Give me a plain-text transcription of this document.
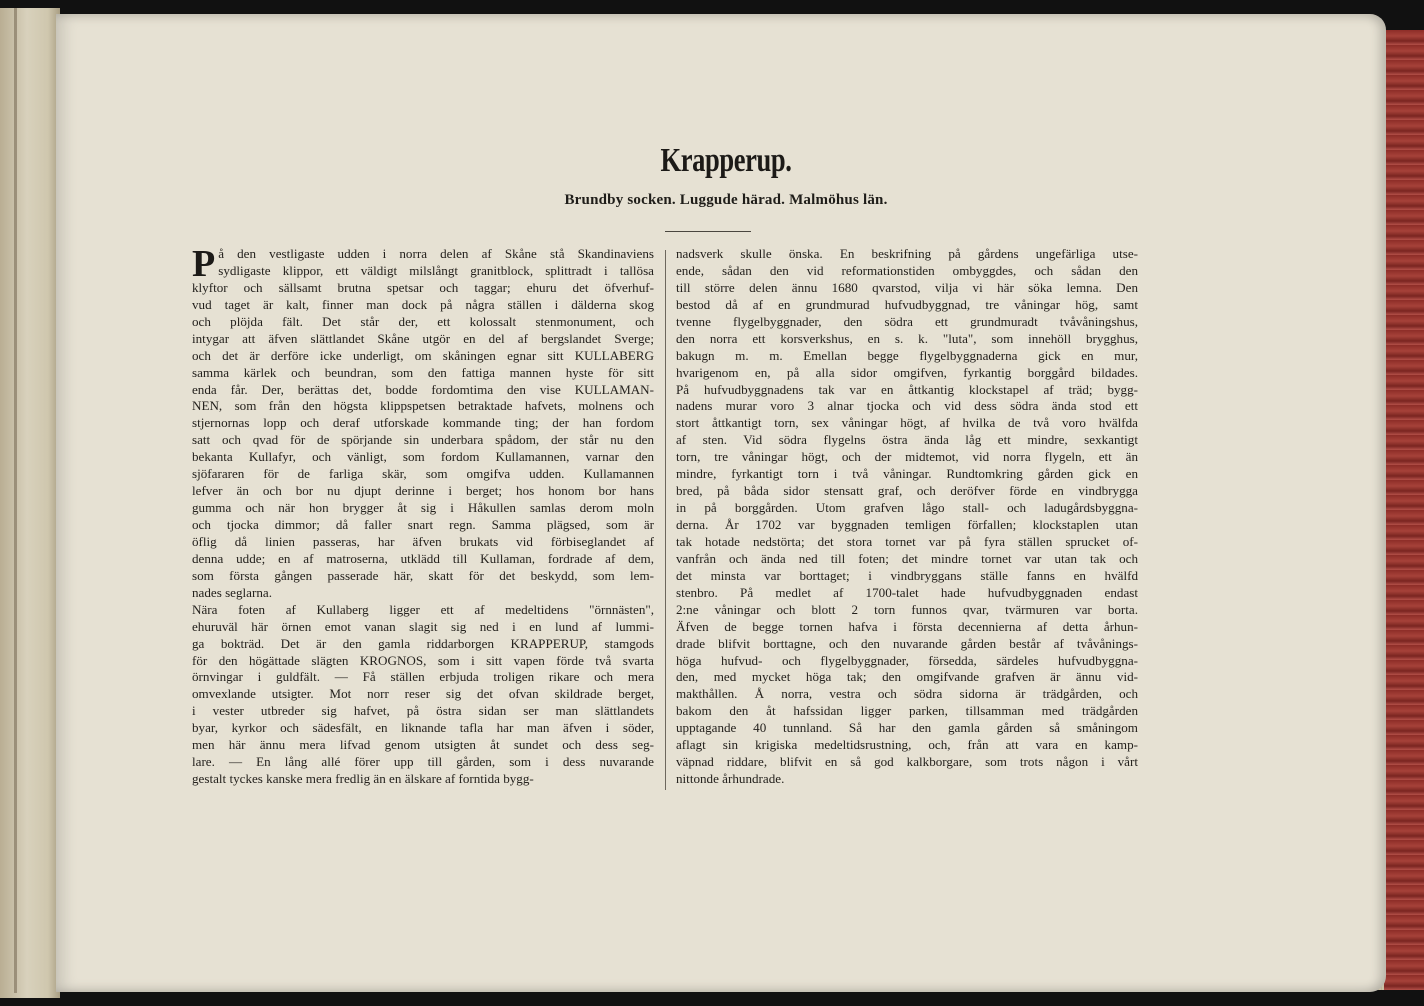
Krapperup.
Brundby socken. Luggude härad. Malmöhus län.
P å den vestligaste udden i norra delen af Skåne stå Skandinaviens
sydligaste klippor, ett väldigt milslångt granitblock, splittradt i tallösa
klyftor och sällsamt brutna spetsar och taggar; ehuru det öfverhuf-
vud taget är kalt, finner man dock på några ställen i dälderna skog
och plöjda fält. Det står der, ett kolossalt stenmonument, och
intygar att äfven slättlandet Skåne utgör en del af bergslandet Sverge;
och det är derföre icke underligt, om skåningen egnar sitt KULLABERG
samma kärlek och beundran, som den fattiga mannen hyste för sitt
enda får. Der, berättas det, bodde fordomtima den vise KULLAMAN-
NEN, som från den högsta klippspetsen betraktade hafvets, molnens och
stjernornas lopp och deraf utforskade kommande ting; der han fordom
satt och qvad för de spörjande sin underbara spådom, der står nu den
bekanta Kullafyr, och vänligt, som fordom Kullamannen, varnar den
sjöfararen för de farliga skär, som omgifva udden. Kullamannen
lefver än och bor nu djupt derinne i berget; hos honom bor hans
gumma och när hon brygger åt sig i Håkullen samlas derom moln
och tjocka dimmor; då faller snart regn. Samma plägsed, som är
öflig då linien passeras, har äfven brukats vid förbiseglandet af
denna udde; en af matroserna, utklädd till Kullaman, fordrade af dem,
som första gången passerade här, skatt för det beskydd, som lem-
nades seglarna.
Nära foten af Kullaberg ligger ett af medeltidens "örnnästen",
ehuruväl här örnen emot vanan slagit sig ned i en lund af lummi-
ga bokträd. Det är den gamla riddarborgen KRAPPERUP, stamgods
för den högättade slägten KROGNOS, som i sitt vapen förde två svarta
örnvingar i guldfält. — Få ställen erbjuda troligen rikare och mera
omvexlande utsigter. Mot norr reser sig det ofvan skildrade berget,
i vester utbreder sig hafvet, på östra sidan ser man slättlandets
byar, kyrkor och sädesfält, en liknande tafla har man äfven i söder,
men här ännu mera lifvad genom utsigten åt sundet och dess seg-
lare. — En lång allé förer upp till gården, som i dess nuvarande
gestalt tyckes kanske mera fredlig än en älskare af forntida bygg-
nadsverk skulle önska. En beskrifning på gårdens ungefärliga utse-
ende, sådan den vid reformationstiden ombyggdes, och sådan den
till större delen ännu 1680 qvarstod, vilja vi här söka lemna. Den
bestod då af en grundmurad hufvudbyggnad, tre våningar hög, samt
tvenne flygelbyggnader, den södra ett grundmuradt tvåvåningshus,
den norra ett korsverkshus, en s. k. "luta", som innehöll brygghus,
bakugn m. m. Emellan begge flygelbyggnaderna gick en mur,
hvarigenom en, på alla sidor omgifven, fyrkantig borggård bildades.
På hufvudbyggnadens tak var en åttkantig klockstapel af träd; bygg-
nadens murar voro 3 alnar tjocka och vid dess södra ända stod ett
stort åttkantigt torn, sex våningar högt, af hvilka de två voro hvälfda
af sten. Vid södra flygelns östra ända låg ett mindre, sexkantigt
torn, tre våningar högt, och der midtemot, vid norra flygeln, ett än
mindre, fyrkantigt torn i två våningar. Rundtomkring gården gick en
bred, på båda sidor stensatt graf, och deröfver förde en vindbrygga
in på borggården. Utom grafven lågo stall- och ladugårdsbyggna-
derna. År 1702 var byggnaden temligen förfallen; klockstaplen utan
tak hotade nedstörta; det stora tornet var på fyra ställen sprucket of-
vanfrån och ända ned till foten; det mindre tornet var utan tak och
det minsta var borttaget; i vindbryggans ställe fanns en hvälfd
stenbro. På medlet af 1700-talet hade hufvudbyggnaden endast
2:ne våningar och blott 2 torn funnos qvar, tvärmuren var borta.
Äfven de begge tornen hafva i första decennierna af detta århun-
drade blifvit borttagne, och den nuvarande gården består af tvåvånings-
höga hufvud- och flygelbyggnader, försedda, särdeles hufvudbyggna-
den, med mycket höga tak; den omgifvande grafven är ännu vid-
makthållen. Å norra, vestra och södra sidorna är trädgården, och
bakom den åt hafssidan ligger parken, tillsamman med trädgården
upptagande 40 tunnland. Så har den gamla gården så småningom
aflagt sin krigiska medeltidsrustning, och, från att vara en kamp-
väpnad riddare, blifvit en så god kalkborgare, som trots någon i vårt
nittonde århundrade.
